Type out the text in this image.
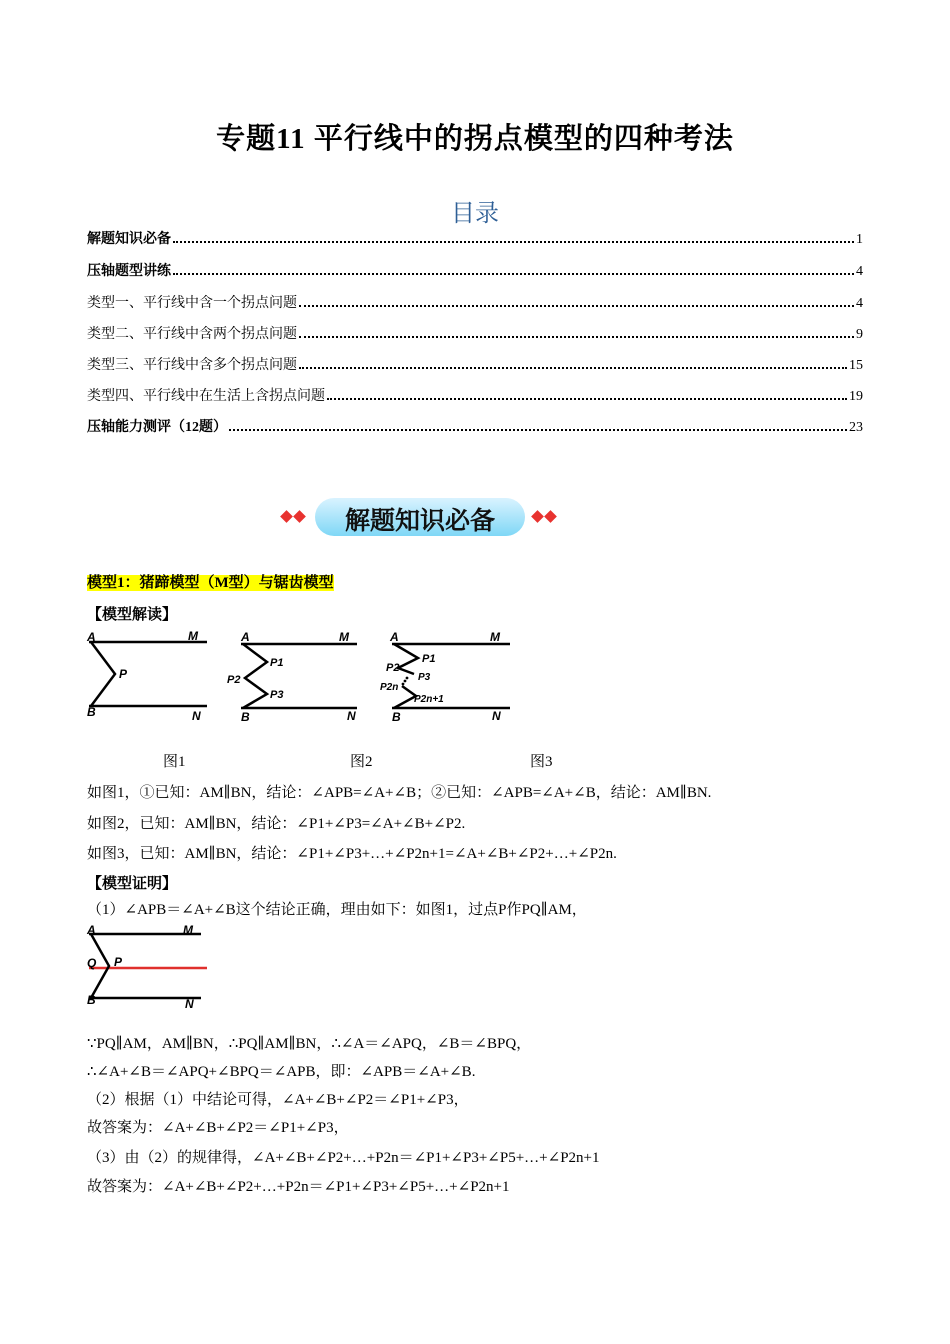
专题11 平行线中的拐点模型的四种考法
目录
解题知识必备	1
压轴题型讲练	4
类型一、平行线中含一个拐点问题	4
类型二、平行线中含两个拐点问题	9
类型三、平行线中含多个拐点问题	15
类型四、平行线中在生活上含拐点问题	19
压轴能力测评（12题）	23
解题知识必备
模型1：猪蹄模型（M型）与锯齿模型
【模型解读】
A	M
P
B	N
A	M
P1
P2
P3
B	N
A	M
P1
P2
P3
P2n
P2n+1
B	N
图1	图2	图3
如图1，①已知：AM∥BN，结论：∠APB=∠A+∠B；②已知：∠APB=∠A+∠B，结论：AM∥BN.
如图2，已知：AM∥BN，结论：∠P1+∠P3=∠A+∠B+∠P2.
如图3，已知：AM∥BN，结论：∠P1+∠P3+…+∠P2n+1=∠A+∠B+∠P2+…+∠P2n.
【模型证明】
（1）∠APB＝∠A+∠B这个结论正确，理由如下：如图1，过点P作PQ∥AM，
A	M
Q P
B	N
∵PQ∥AM，AM∥BN，∴PQ∥AM∥BN，∴∠A＝∠APQ，∠B＝∠BPQ，
∴∠A+∠B＝∠APQ+∠BPQ＝∠APB，即：∠APB＝∠A+∠B.
（2）根据（1）中结论可得，∠A+∠B+∠P2＝∠P1+∠P3，
故答案为：∠A+∠B+∠P2＝∠P1+∠P3，
（3）由（2）的规律得，∠A+∠B+∠P2+…+P2n＝∠P1+∠P3+∠P5+…+∠P2n+1
故答案为：∠A+∠B+∠P2+…+P2n＝∠P1+∠P3+∠P5+…+∠P2n+1
